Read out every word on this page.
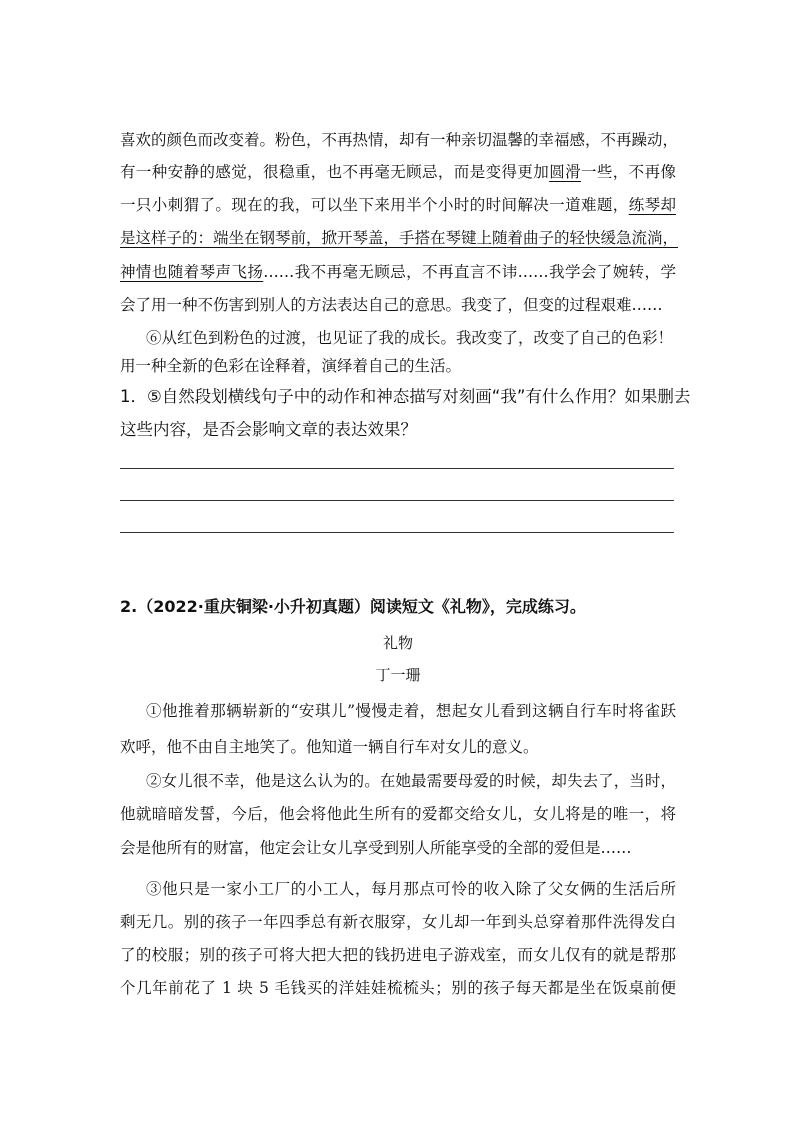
喜欢的颜色而改变着。粉色，不再热情，却有一种亲切温馨的幸福感，不再躁动，
有一种安静的感觉，很稳重，也不再毫无顾忌，而是变得更加圆滑一些，不再像
一只小刺猬了。现在的我，可以坐下来用半个小时的时间解决一道难题，练琴却
是这样子的：端坐在钢琴前，掀开琴盖，手搭在琴键上随着曲子的轻快缓急流淌，
神情也随着琴声飞扬……我不再毫无顾忌，不再直言不讳……我学会了婉转，学
会了用一种不伤害到别人的方法表达自己的意思。我变了，但变的过程艰难……
⑥从红色到粉色的过渡，也见证了我的成长。我改变了，改变了自己的色彩！
用一种全新的色彩在诠释着，演绎着自己的生活。
1．⑤自然段划横线句子中的动作和神态描写对刻画“我”有什么作用？如果删去
这些内容，是否会影响文章的表达效果？
2.（2022·重庆铜梁·小升初真题）阅读短文《礼物》，完成练习。
礼物
丁一珊
①他推着那辆崭新的“安琪儿”慢慢走着，想起女儿看到这辆自行车时将雀跃
欢呼，他不由自主地笑了。他知道一辆自行车对女儿的意义。
②女儿很不幸，他是这么认为的。在她最需要母爱的时候，却失去了，当时，
他就暗暗发誓，今后，他会将他此生所有的爱都交给女儿，女儿将是的唯一，将
会是他所有的财富，他定会让女儿享受到别人所能享受的全部的爱但是……
③他只是一家小工厂的小工人，每月那点可怜的收入除了父女俩的生活后所
剩无几。别的孩子一年四季总有新衣服穿，女儿却一年到头总穿着那件洗得发白
了的校服；别的孩子可将大把大把的钱扔进电子游戏室，而女儿仅有的就是帮那
个几年前花了 1 块 5 毛钱买的洋娃娃梳梳头；别的孩子每天都是坐在饭桌前便
